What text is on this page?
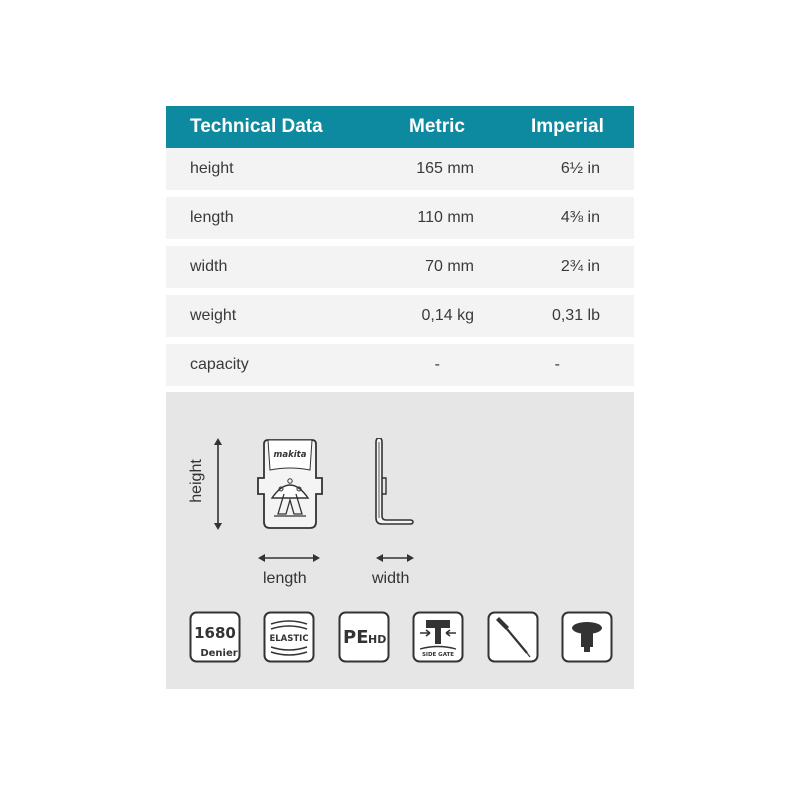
Technical Data	Metric	Imperial
height	165 mm	6½ in
length	110 mm	4⅜ in
width	70 mm	2¾ in
weight	0,14 kg	0,31 lb
capacity	-	-
height
makita
length	width
1680
Denier
ELASTIC PE HD
SIDE GATE
